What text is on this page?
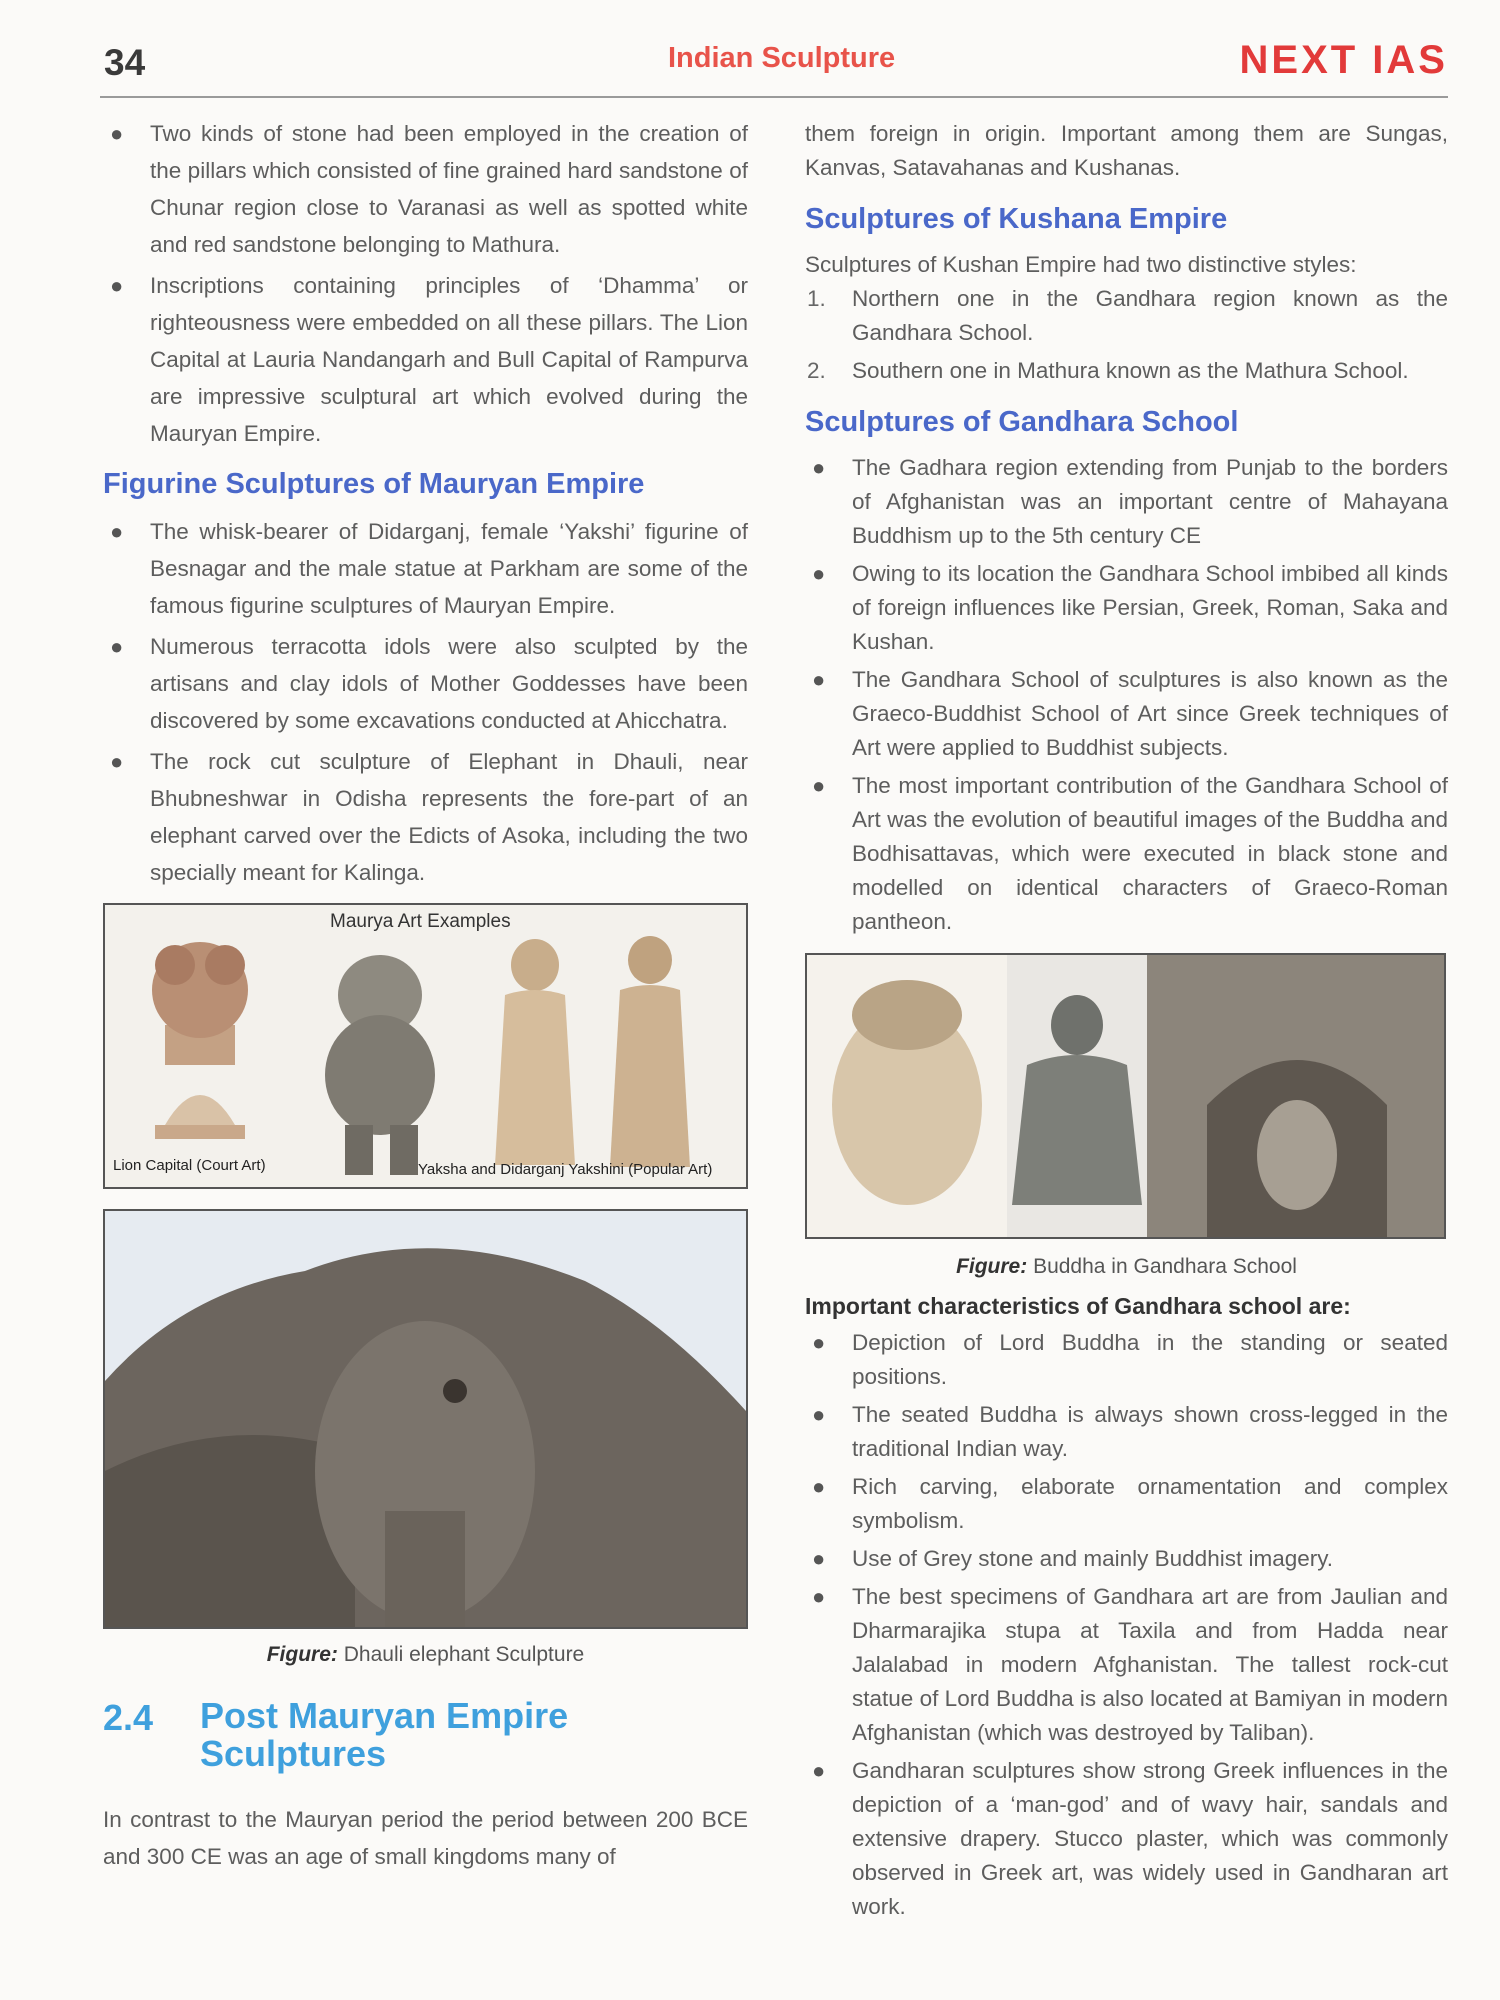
34	Indian Sculpture	NEXT IAS
● Two kinds of stone had been employed in the creation of the pillars which consisted of fine grained hard sandstone of Chunar region close to Varanasi as well as spotted white and red sandstone belonging to Mathura.
● Inscriptions containing principles of ‘Dhamma’ or righteousness were embedded on all these pillars. The Lion Capital at Lauria Nandangarh and Bull Capital of Rampurva are impressive sculptural art which evolved during the Mauryan Empire.
Figurine Sculptures of Mauryan Empire
● The whisk-bearer of Didarganj, female ‘Yakshi’ figurine of Besnagar and the male statue at Parkham are some of the famous figurine sculptures of Mauryan Empire.
● Numerous terracotta idols were also sculpted by the artisans and clay idols of Mother Goddesses have been discovered by some excavations conducted at Ahicchatra.
● The rock cut sculpture of Elephant in Dhauli, near Bhubneshwar in Odisha represents the fore-part of an elephant carved over the Edicts of Asoka, including the two specially meant for Kalinga.
Maurya Art Examples
Lion Capital (Court Art)	Yaksha and Didarganj Yakshini (Popular Art)
Figure: Dhauli elephant Sculpture
2.4 Post Mauryan Empire
Sculptures

In contrast to the Mauryan period the period between 200 BCE and 300 CE was an age of small kingdoms many of

them foreign in origin. Important among them are Sungas, Kanvas, Satavahanas and Kushanas.

Sculptures of Kushana Empire

Sculptures of Kushan Empire had two distinctive styles:

1. Northern one in the Gandhara region known as the Gandhara School.
2. Southern one in Mathura known as the Mathura School.
Sculptures of Gandhara School
● The Gadhara region extending from Punjab to the borders of Afghanistan was an important centre of Mahayana Buddhism up to the 5th century CE
● Owing to its location the Gandhara School imbibed all kinds of foreign influences like Persian, Greek, Roman, Saka and Kushan.
● The Gandhara School of sculptures is also known as the Graeco-Buddhist School of Art since Greek techniques of Art were applied to Buddhist subjects.
● The most important contribution of the Gandhara School of Art was the evolution of beautiful images of the Buddha and Bodhisattavas, which were executed in black stone and modelled on identical characters of Graeco-Roman pantheon.
Figure: Buddha in Gandhara School
Important characteristics of Gandhara school are:
● Depiction of Lord Buddha in the standing or seated positions.
● The seated Buddha is always shown cross-legged in the traditional Indian way.
● Rich carving, elaborate ornamentation and complex symbolism.
● Use of Grey stone and mainly Buddhist imagery.
● The best specimens of Gandhara art are from Jaulian and Dharmarajika stupa at Taxila and from Hadda near Jalalabad in modern Afghanistan. The tallest rock-cut statue of Lord Buddha is also located at Bamiyan in modern Afghanistan (which was destroyed by Taliban).
● Gandharan sculptures show strong Greek influences in the depiction of a ‘man-god’ and of wavy hair, sandals and extensive drapery. Stucco plaster, which was commonly observed in Greek art, was widely used in Gandharan art work.
